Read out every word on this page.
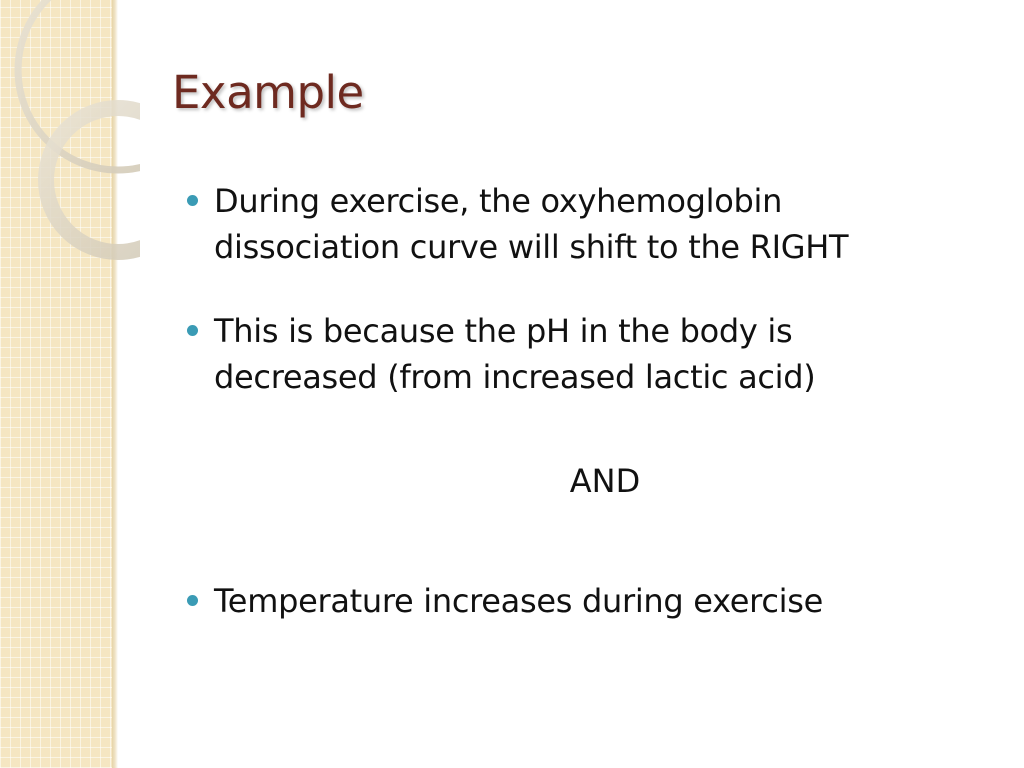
Example
During exercise, the oxyhemoglobin
dissociation curve will shift to the RIGHT
This is because the pH in the body is
decreased (from increased lactic acid)
AND
Temperature increases during exercise
